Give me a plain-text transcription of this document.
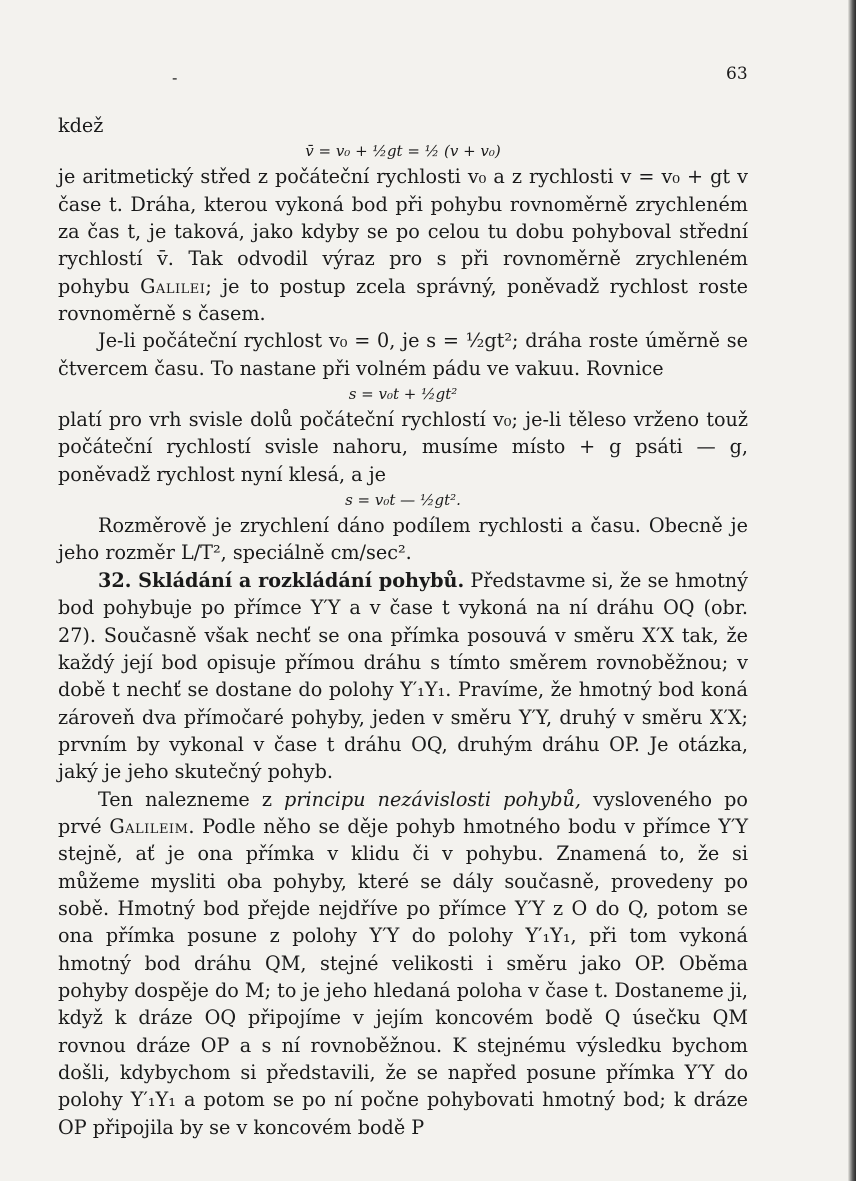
-	63

kdež

v̄ = v₀ + ½gt = ½ (v + v₀)

je aritmetický střed z počáteční rychlosti v₀ a z rychlosti v = v₀ + gt v čase t. Dráha, kterou vykoná bod při pohybu rovnoměrně zrychleném za čas t, je taková, jako kdyby se po celou tu dobu pohyboval střední rychlostí v̄. Tak odvodil výraz pro s při rovnoměrně zrychleném pohybu Galilei; je to postup zcela správný, poněvadž rychlost roste rovnoměrně s časem.

Je-li počáteční rychlost v₀ = 0, je s = ½gt²; dráha roste úměrně se čtvercem času. To nastane při volném pádu ve vakuu. Rovnice

s = v₀t + ½gt²

platí pro vrh svisle dolů počáteční rychlostí v₀; je-li těleso vrženo touž počáteční rychlostí svisle nahoru, musíme místo + g psáti — g, poněvadž rychlost nyní klesá, a je

s = v₀t — ½gt².

Rozměrově je zrychlení dáno podílem rychlosti a času. Obecně je jeho rozměr L/T², speciálně cm/sec².

32. Skládání a rozkládání pohybů. Představme si, že se hmotný bod pohybuje po přímce Y′Y a v čase t vykoná na ní dráhu OQ (obr. 27). Současně však nechť se ona přímka posouvá v směru X′X tak, že každý její bod opisuje přímou dráhu s tímto směrem rovnoběžnou; v době t nechť se dostane do polohy Y′₁Y₁. Pravíme, že hmotný bod koná zároveň dva přímočaré pohyby, jeden v směru Y′Y, druhý v směru X′X; prvním by vykonal v čase t dráhu OQ, druhým dráhu OP. Je otázka, jaký je jeho skutečný pohyb.

Ten nalezneme z principu nezávislosti pohybů, vysloveného po prvé Galileim. Podle něho se děje pohyb hmotného bodu v přímce Y′Y stejně, ať je ona přímka v klidu či v pohybu. Znamená to, že si můžeme mysliti oba pohyby, které se dály současně, provedeny po sobě. Hmotný bod přejde nejdříve po přímce Y′Y z O do Q, potom se ona přímka posune z polohy Y′Y do polohy Y′₁Y₁, při tom vykoná hmotný bod dráhu QM, stejné velikosti i směru jako OP. Oběma pohyby dospěje do M; to je jeho hledaná poloha v čase t. Dostaneme ji, když k dráze OQ připojíme v jejím koncovém bodě Q úsečku QM rovnou dráze OP a s ní rovnoběžnou. K stejnému výsledku bychom došli, kdybychom si představili, že se napřed posune přímka Y′Y do polohy Y′₁Y₁ a potom se po ní počne pohybovati hmotný bod; k dráze OP připojila by se v koncovém bodě P
